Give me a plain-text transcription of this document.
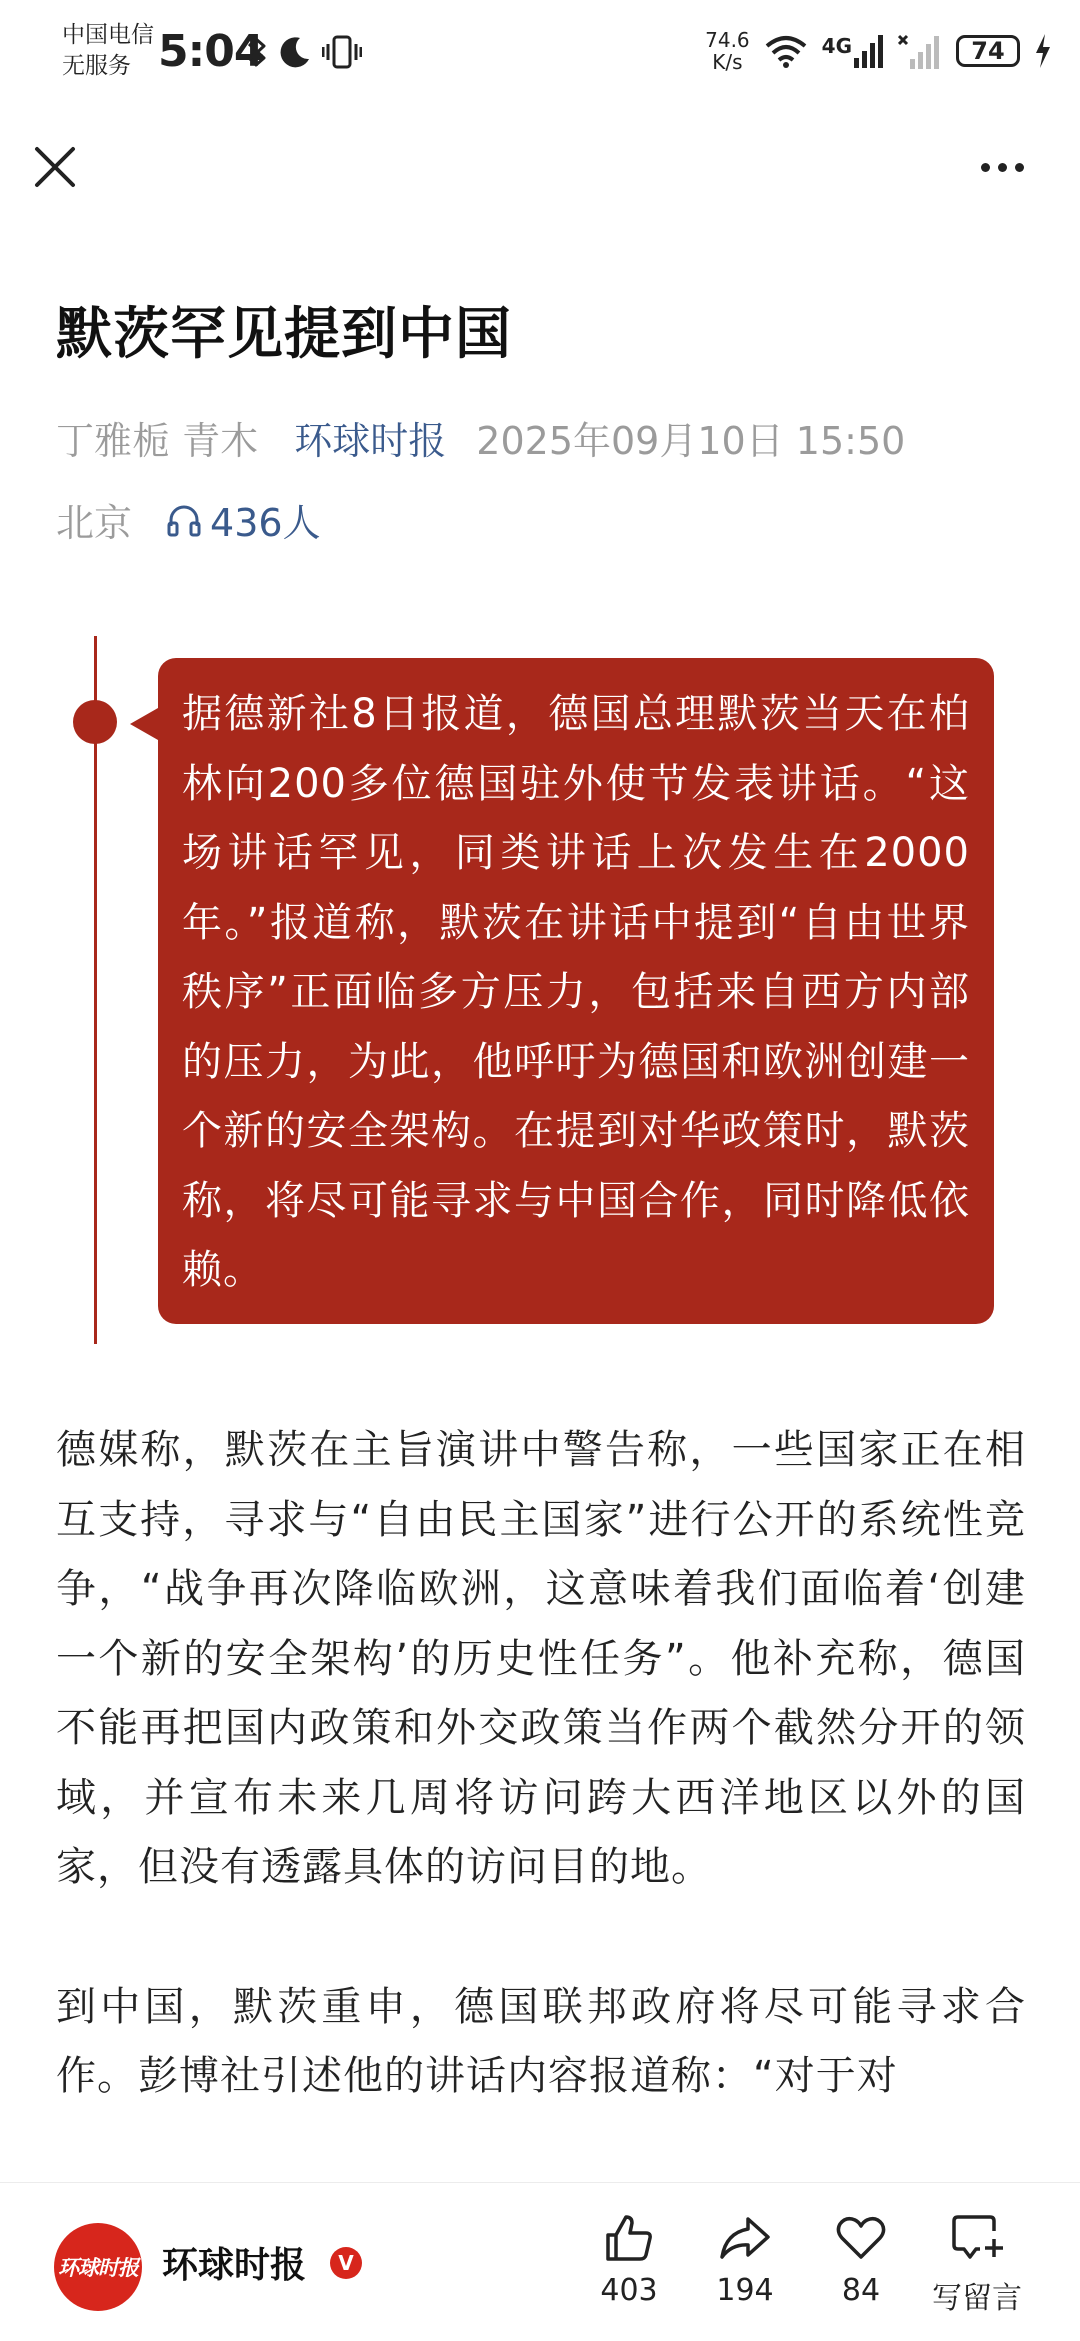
中国电信
无服务 5:04	74.6
K/s
4G	74
默茨罕见提到中国
丁雅栀 青木 环球时报 2025年09月10日 15:50
北京 436人
据德新社8日报道，德国总理默茨当天在柏林向200多位德国驻外使节发表讲话。“这场讲话罕见，同类讲话上次发生在2000年。”报道称，默茨在讲话中提到“自由世界秩序”正面临多方压力，包括来自西方内部的压力，为此，他呼吁为德国和欧洲创建一个新的安全架构。在提到对华政策时，默茨称，将尽可能寻求与中国合作，同时降低依赖。

德媒称，默茨在主旨演讲中警告称，一些国家正在相互支持，寻求与“自由民主国家”进行公开的系统性竞争，“战争再次降临欧洲，这意味着我们面临着‘创建一个新的安全架构’的历史性任务”。他补充称，德国不能再把国内政策和外交政策当作两个截然分开的领域，并宣布未来几周将访问跨大西洋地区以外的国家，但没有透露具体的访问目的地。

到中国，默茨重申，德国联邦政府将尽可能寻求合作。彭博社引述他的讲话内容报道称：“对于对

环球时报 环球时报	V
403	194	84	写留言
